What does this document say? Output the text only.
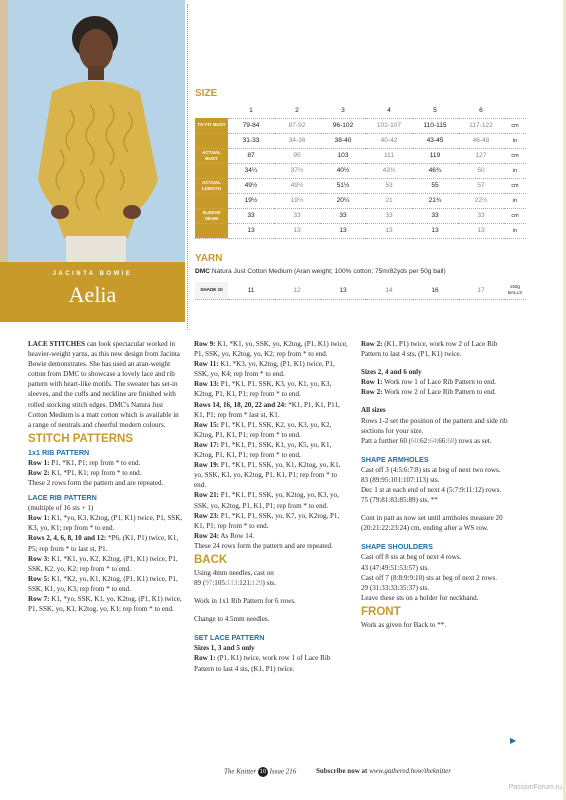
JACINTA BOWIE
Aelia
SIZE
	1	2	3	4	5	6	
TO FIT BUST	79-84	87-92	96-102	102-107	110-115	117-122	cm
	31-33	34-36	38-40	40-42	43-45	46-48	in
ACTUAL BUST	87	95	103	111	119	127	cm
	34¼	37½	40½	43¾	46¾	50	in
ACTUAL LENGTH	49½	49½	51½	53	55	57	cm
	19½	19½	20¼	21	21¾	22½	in
SLEEVE SEAM	33	33	33	33	33	33	cm
	13	13	13	13	13	13	in
YARN
DMC Natura Just Cotton Medium (Aran weight; 100% cotton; 75m/82yds per 50g ball)
SHADE 10	11	12	13	14	16	17	x50g BALLS

LACE STITCHES can look spectacular worked in heavier-weight yarns, as this new design from Jacinta Bowie demonstrates. She has used an aran-weight cotton from DMC to showcase a lovely lace and rib pattern with heart-like motifs. The sweater has set-in sleeves, and the cuffs and neckline are finished with rolled stocking stitch edges. DMC's Natura Just Cotton Medium is a matt cotton which is available in a range of neutrals and cheerful modern colours.

STITCH PATTERNS
1x1 RIB PATTERN

Row 1: P1, *K1, P1; rep from * to end.

Row 2: K1, *P1, K1; rep from * to end.

These 2 rows form the pattern and are repeated.

LACE RIB PATTERN

(multiple of 16 sts + 1)

Row 1: K1, *yo, K3, K2tog, (P1, K1) twice, P1, SSK, K3, yo, K1; rep from * to end.

Rows 2, 4, 6, 8, 10 and 12: *P6, (K1, P1) twice, K1, P5; rep from * to last st, P1.

Row 3: K1, *K1, yo, K2, K2tog, (P1, K1) twice, P1, SSK, K2, yo, K2; rep from * to end.

Row 5: K1, *K2, yo, K1, K2tog, (P1, K1) twice, P1, SSK, K1, yo, K3; rep from * to end.

Row 7: K1, *yo, SSK, K1, yo, K2tog, (P1, K1) twice, P1, SSK, yo, K1, K2tog, yo, K1; rep from * to end.

Row 9: K1, *K1, yo, SSK, yo, K2tog, (P1, K1) twice, P1, SSK, yo, K2tog, yo, K2; rep from * to end.

Row 11: K1, *K3, yo, K2tog, (P1, K1) twice, P1, SSK, yo, K4; rep from * to end.

Row 13: P1, *K1, P1, SSK, K3, yo, K1, yo, K3, K2tog, P1, K1, P1; rep from * to end.

Rows 14, 16, 18, 20, 22 and 24: *K1, P1, K1, P11, K1, P1; rep from * last st, K1.

Row 15: P1, *K1, P1, SSK, K2, yo, K3, yo, K2, K2tog, P1, K1, P1; rep from * to end.

Row 17: P1, *K1, P1, SSK, K1, yo, K5, yo, K1, K2tog, P1, K1, P1; rep from * to end.

Row 19: P1, *K1, P1, SSK, yo, K1, K2tog, yo, K1, yo, SSK, K1, yo, K2tog, P1, K1, P1; rep from * to end.

Row 21: P1, *K1, P1, SSK, yo, K2tog, yo, K3, yo, SSK, yo, K2tog, P1, K1, P1; rep from * to end.

Row 23: P1, *K1, P1, SSK, yo, K7, yo, K2tog, P1, K1, P1; rep from * to end.

Row 24: As Row 14.

These 24 rows form the pattern and are repeated.

BACK

Using 4mm needles, cast on

89 (97:105:113:121:129) sts.

Work in 1x1 Rib Pattern for 6 rows.

Change to 4.5mm needles.

SET LACE PATTERN

Sizes 1, 3 and 5 only

Row 1: (P1, K1) twice, work row 1 of Lace Rib Pattern to last 4 sts, (K1, P1) twice.

Row 2: (K1, P1) twice, work row 2 of Lace Rib Pattern to last 4 sts, (P1, K1) twice.

Sizes 2, 4 and 6 only

Row 1: Work row 1 of Lace Rib Pattern to end.

Row 2: Work row 2 of Lace Rib Pattern to end.

All sizes

Rows 1-2 set the position of the pattern and side rib sections for your size.

Patt a further 60 (60:62:64:66:68) rows as set.

SHAPE ARMHOLES

Cast off 3 (4:5:6:7:8) sts at beg of next two rows.

83 (89:95:101:107:113) sts.

Dec 1 st at each end of next 4 (5:7:9:11:12) rows.

75 (79:81:83:85:89) sts. **

Cont in patt as now set until armholes measure 20 (20:21:22:23:24) cm, ending after a WS row.

SHAPE SHOULDERS

Cast off 8 sts at beg of next 4 rows.

43 (47:49:51:53:57) sts.

Cast off 7 (8:8:9:9:10) sts at beg of next 2 rows.

29 (31:33:33:35:37) sts.

Leave these sts on a holder for neckband.

FRONT

Work as given for Back to **.

▶
The Knitter 10 Issue 216	Subscribe now at www.gathered.how/theknitter
PassionForum.ru
